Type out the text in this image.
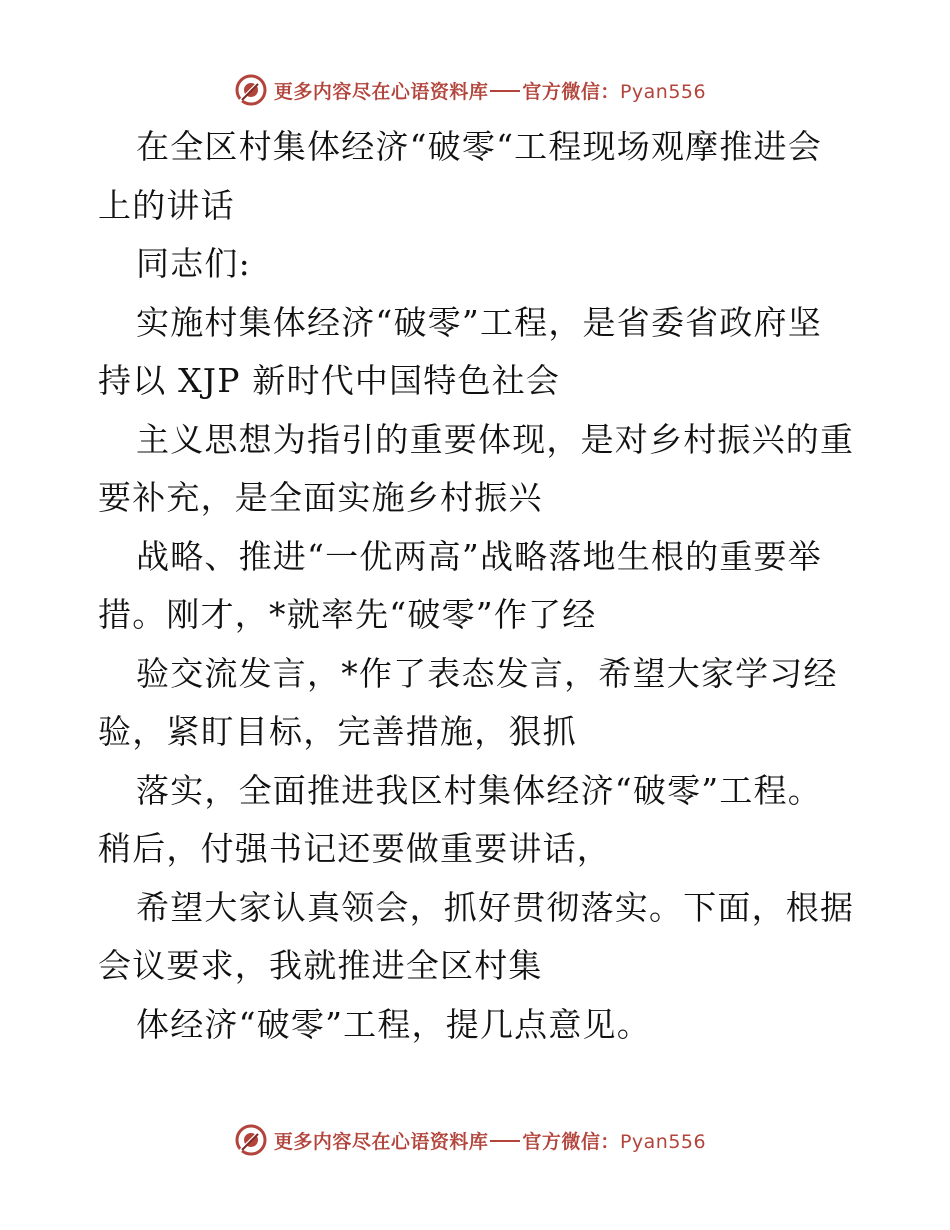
更多内容尽在心语资料库 官方微信：Pyan556

在全区村集体经济“破零“工程现场观摩推进会
上的讲话

同志们:

实施村集体经济“破零”工程，是省委省政府坚
持以 XJP 新时代中国特色社会

主义思想为指引的重要体现，是对乡村振兴的重
要补充，是全面实施乡村振兴

战略、推进“一优两高”战略落地生根的重要举
措。刚才，*就率先“破零”作了经

验交流发言，*作了表态发言，希望大家学习经
验，紧盯目标，完善措施，狠抓

落实，全面推进我区村集体经济“破零”工程。
稍后，付强书记还要做重要讲话，

希望大家认真领会，抓好贯彻落实。下面，根据
会议要求，我就推进全区村集

体经济“破零”工程，提几点意见。

更多内容尽在心语资料库 官方微信：Pyan556
